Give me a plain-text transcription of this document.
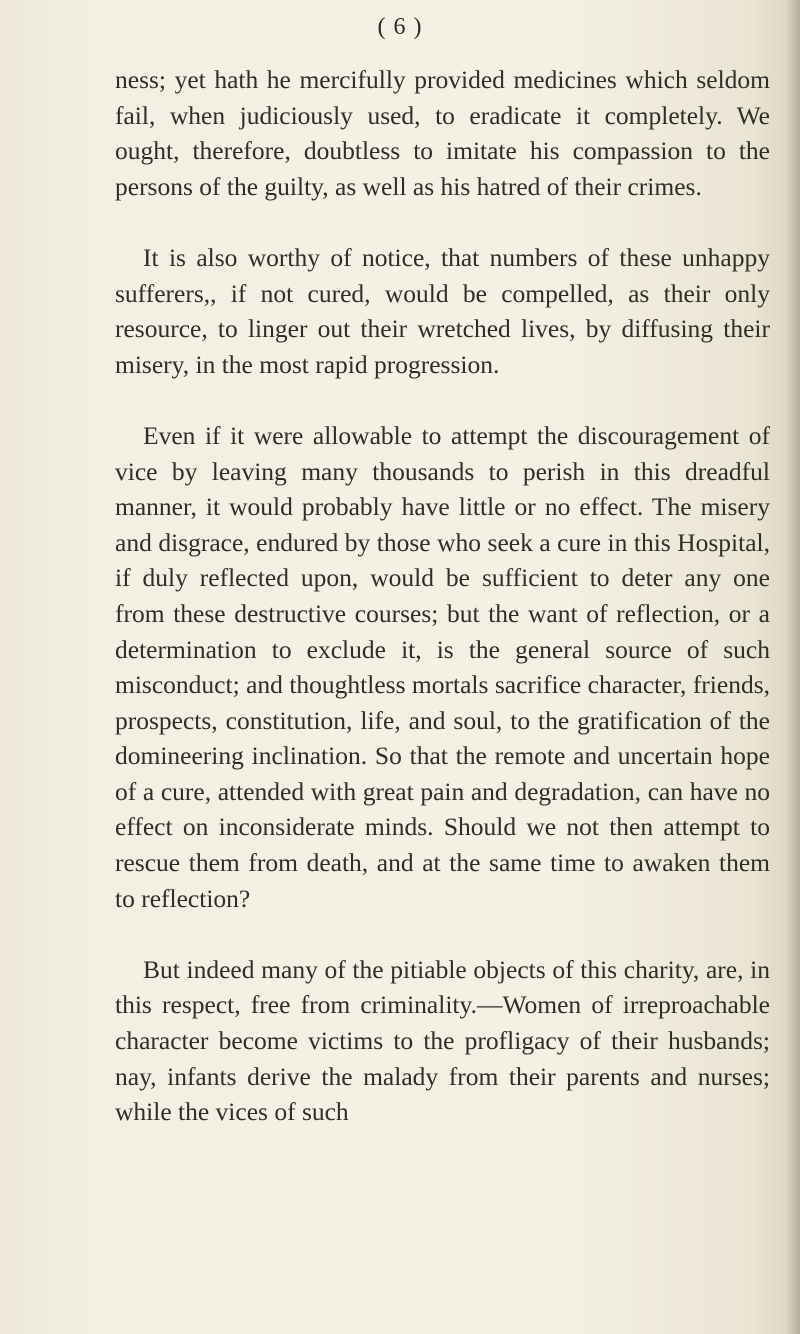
( 6 )

ness; yet hath he mercifully provided medicines which seldom fail, when judiciously used, to eradicate it completely. We ought, therefore, doubtless to imitate his compassion to the persons of the guilty, as well as his hatred of their crimes.

It is also worthy of notice, that numbers of these unhappy sufferers,, if not cured, would be compelled, as their only resource, to linger out their wretched lives, by diffusing their misery, in the most rapid progression.

Even if it were allowable to attempt the discouragement of vice by leaving many thousands to perish in this dreadful manner, it would probably have little or no effect. The misery and disgrace, endured by those who seek a cure in this Hospital, if duly reflected upon, would be sufficient to deter any one from these destructive courses; but the want of reflection, or a determination to exclude it, is the general source of such misconduct; and thoughtless mortals sacrifice character, friends, prospects, constitution, life, and soul, to the gratification of the domineering inclination. So that the remote and uncertain hope of a cure, attended with great pain and degradation, can have no effect on inconsiderate minds. Should we not then attempt to rescue them from death, and at the same time to awaken them to reflection?

But indeed many of the pitiable objects of this charity, are, in this respect, free from criminality.—Women of irreproachable character become victims to the profligacy of their husbands; nay, infants derive the malady from their parents and nurses; while the vices of such
